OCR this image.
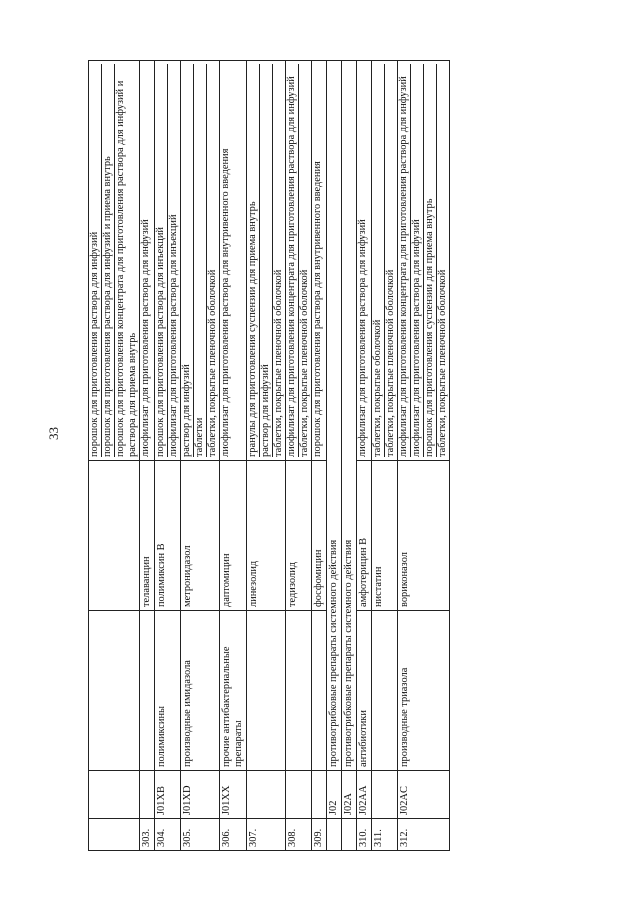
33

				порошок для приготовления раствора для инфузий порошок для приготовления раствора для инфузий и приема внутрь порошок для приготовления концентрата для приготовления раствора для инфузий и раствора для приема внутрь

303.			телаванцин	лиофилизат для приготовления раствора для инфузий

304.	J01XB	полимиксины	полимиксин В	порошок для приготовления раствора для инъекций лиофилизат для приготовления раствора для инъекций

305.	J01XD	производные имидазола	метронидазол	раствор для инфузий таблетки таблетки, покрытые пленочной оболочкой

306.	J01XX	прочие антибактериальные препараты	даптомицин	лиофилизат для приготовления раствора для внутривенного введения

307.			линезолид	гранулы для приготовления суспензии для приема внутрь раствор для инфузий таблетки, покрытые пленочной оболочкой

308.			тедизолид	лиофилизат для приготовления концентрата для приготовления раствора для инфузий таблетки, покрытые пленочной оболочкой

309.			фосфомицин	порошок для приготовления раствора для внутривенного введения

	J02	противогрибковые препараты системного действия		
	J02A	противогрибковые препараты системного действия		
310.	J02AA	антибиотики	амфотерицин В	лиофилизат для приготовления раствора для инфузий

311.			нистатин	таблетки, покрытые оболочкой таблетки, покрытые пленочной оболочкой

312.	J02AC	производные триазола	вориконазол	лиофилизат для приготовления концентрата для приготовления раствора для инфузий лиофилизат для приготовления раствора для инфузий порошок для приготовления суспензии для приема внутрь таблетки, покрытые пленочной оболочкой
